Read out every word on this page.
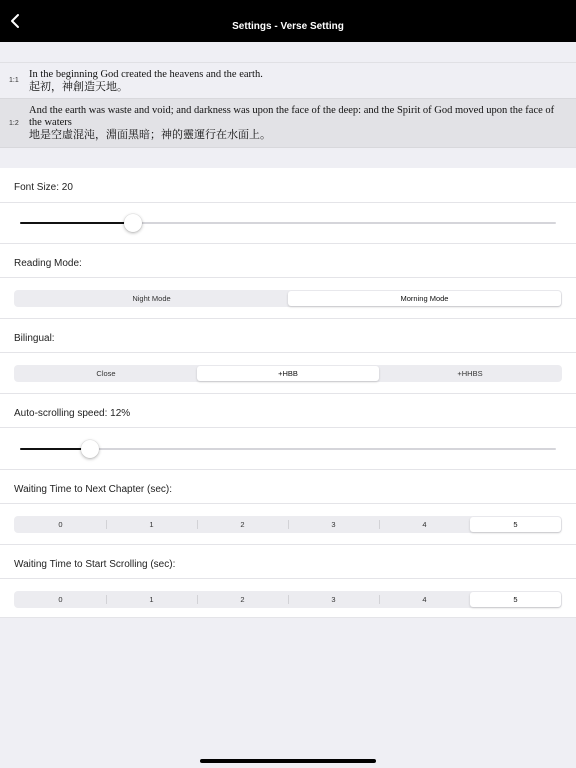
Settings - Verse Setting
1:1
In the beginning God created the heavens and the earth.
起初，神創造天地。
1:2
And the earth was waste and void; and darkness was upon the face of the deep: and the Spirit of God moved upon the face of the waters
地是空虛混沌，淵面黑暗；神的靈運行在水面上。
Font Size: 20
Reading Mode:
Night Mode	Morning Mode
Bilingual:
Close	+HBB	+HHBS
Auto-scrolling speed: 12%
Waiting Time to Next Chapter (sec):
0	1	2	3	4	5
Waiting Time to Start Scrolling (sec):
0	1	2	3	4	5
